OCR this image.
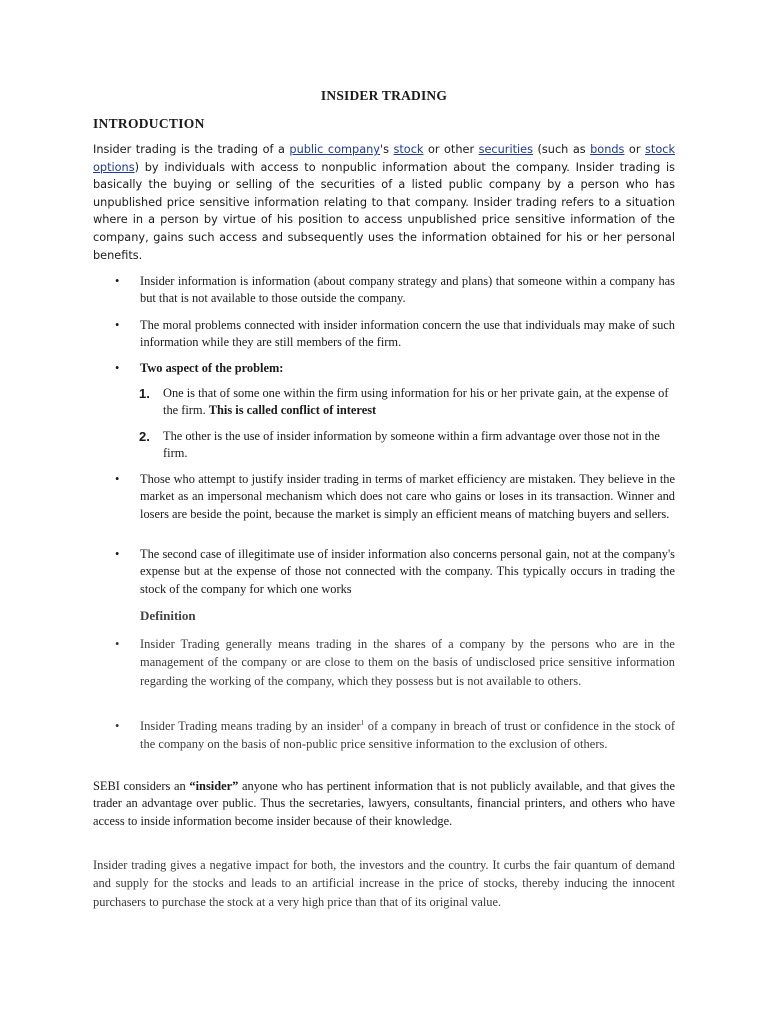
INSIDER TRADING
INTRODUCTION
Insider trading is the trading of a public company's stock or other securities (such as bonds or stock options) by individuals with access to nonpublic information about the company. Insider trading is basically the buying or selling of the securities of a listed public company by a person who has unpublished price sensitive information relating to that company. Insider trading refers to a situation where in a person by virtue of his position to access unpublished price sensitive information of the company, gains such access and subsequently uses the information obtained for his or her personal benefits.
• Insider information is information (about company strategy and plans) that someone within a company has but that is not available to those outside the company.
• The moral problems connected with insider information concern the use that individuals may make of such information while they are still members of the firm.
• Two aspect of the problem:
1. One is that of some one within the firm using information for his or her private gain, at the expense of the firm. This is called conflict of interest
2. The other is the use of insider information by someone within a firm advantage over those not in the firm.
• Those who attempt to justify insider trading in terms of market efficiency are mistaken. They believe in the market as an impersonal mechanism which does not care who gains or loses in its transaction. Winner and losers are beside the point, because the market is simply an efficient means of matching buyers and sellers.
• The second case of illegitimate use of insider information also concerns personal gain, not at the company's expense but at the expense of those not connected with the company. This typically occurs in trading the stock of the company for which one works
Definition
• Insider Trading generally means trading in the shares of a company by the persons who are in the management of the company or are close to them on the basis of undisclosed price sensitive information regarding the working of the company, which they possess but is not available to others.
• Insider Trading means trading by an insider$^1$ of a company in breach of trust or confidence in the stock of the company on the basis of non-public price sensitive information to the exclusion of others.
SEBI considers an “insider” anyone who has pertinent information that is not publicly available, and that gives the trader an advantage over public. Thus the secretaries, lawyers, consultants, financial printers, and others who have access to inside information become insider because of their knowledge.
Insider trading gives a negative impact for both, the investors and the country. It curbs the fair quantum of demand and supply for the stocks and leads to an artificial increase in the price of stocks, thereby inducing the innocent purchasers to purchase the stock at a very high price than that of its original value.
